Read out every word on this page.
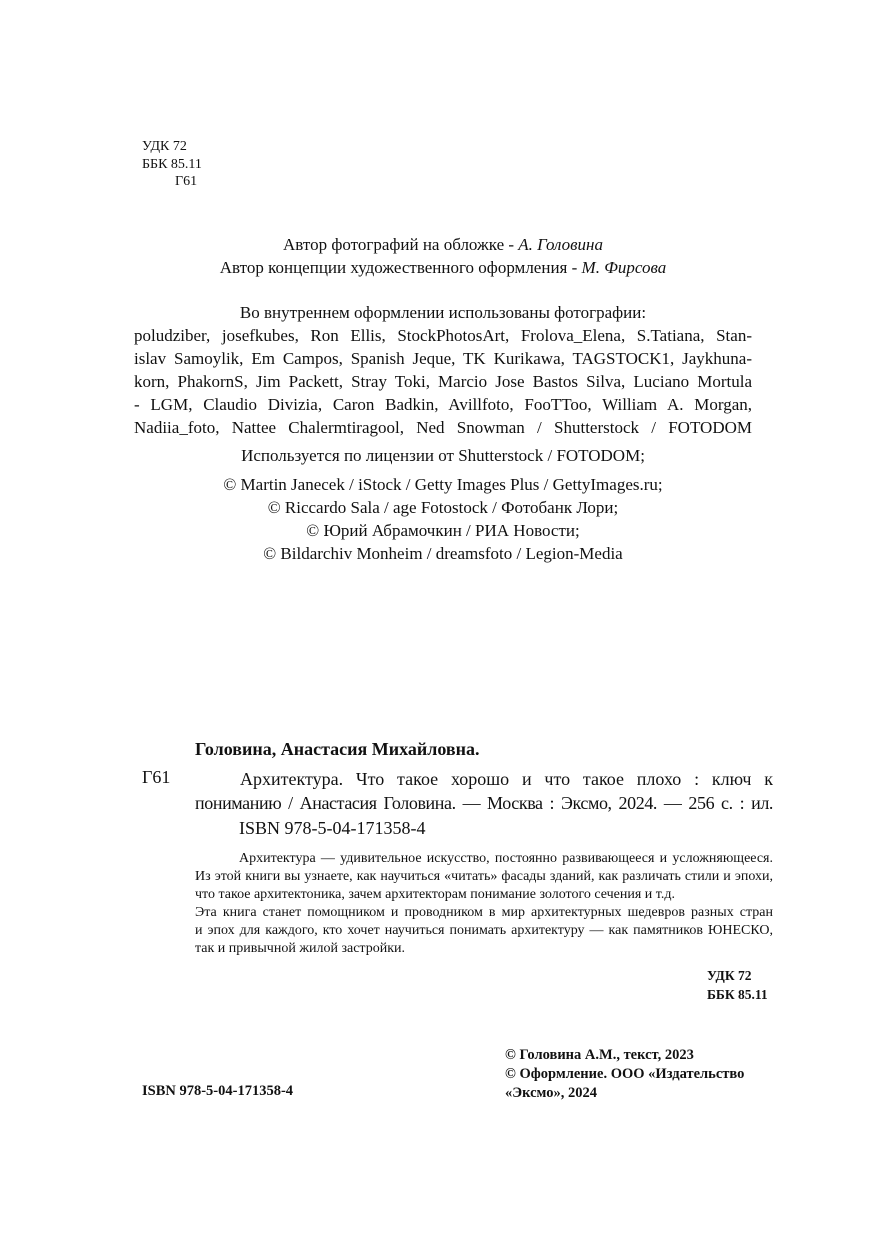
УДК 72
ББК 85.11
Г61
Автор фотографий на обложке - А. Головина
Автор концепции художественного оформления - М. Фирсова
Во внутреннем оформлении использованы фотографии:
poludziber, josefkubes, Ron Ellis, StockPhotosArt, Frolova_Elena, S.Tatiana, Stan-
islav Samoylik, Em Campos, Spanish Jeque, TK Kurikawa, TAGSTOCK1, Jaykhuna-
korn, PhakornS, Jim Packett, Stray Toki, Marcio Jose Bastos Silva, Luciano Mortula
- LGM, Claudio Divizia, Caron Badkin, Avillfoto, FooTToo, William A. Morgan,
Nadiia_foto, Nattee Chalermtiragool, Ned Snowman / Shutterstock / FOTODOM
Используется по лицензии от Shutterstock / FOTODOM;
© Martin Janecek / iStock / Getty Images Plus / GettyImages.ru;
© Riccardo Sala / age Fotostock / Фотобанк Лори;
© Юрий Абрамочкин / РИА Новости;
© Bildarchiv Monheim / dreamsfoto / Legion-Media
Головина, Анастасия Михайловна.
Г61	Архитектура. Что такое хорошо и что такое плохо : ключ к
пониманию / Анастасия Головина. — Москва : Эксмо, 2024. — 256 с. : ил.
ISBN 978-5-04-171358-4
Архитектура — удивительное искусство, постоянно развивающееся и усложняющееся.
Из этой книги вы узнаете, как научиться «читать» фасады зданий, как различать стили и эпохи,
что такое архитектоника, зачем архитекторам понимание золотого сечения и т.д.
Эта книга станет помощником и проводником в мир архитектурных шедевров разных стран
и эпох для каждого, кто хочет научиться понимать архитектуру — как памятников ЮНЕСКО,
так и привычной жилой застройки.
УДК 72
ББК 85.11
© Головина А.М., текст, 2023
© Оформление. ООО «Издательство
«Эксмо», 2024
ISBN 978-5-04-171358-4
